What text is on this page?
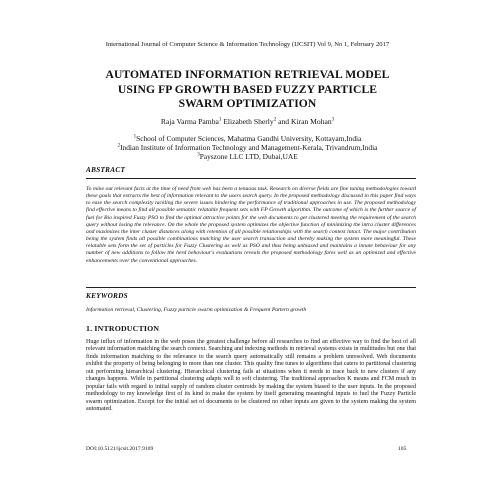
International Journal of Computer Science & Information Technology (IJCSIT) Vol 9, No 1, February 2017
AUTOMATED INFORMATION RETRIEVAL MODEL
USING FP GROWTH BASED FUZZY PARTICLE
SWARM OPTIMIZATION
Raja Varma Pamba$^1$ Elizabeth Sherly$^2$ and Kiran Mohan$^3$
$^1$School of Computer Sciences, Mahatma Gandhi University, Kottayam,India
$^2$Indian Institute of Information Technology and Management-Kerala, Trivandrum,India
$^3$Payszone LLC LTD, Dubai,UAE
ABSTRACT
To mine out relevant facts at the time of need from web has been a tenuous task. Research on diverse fields are fine tuning methodologies toward these goals that extracts the best of information relevant to the users search query. In the proposed methodology discussed in this paper find ways to ease the search complexity tackling the severe issues hindering the performance of traditional approaches in use. The proposed methodology find effective means to find all possible semantic relatable frequent sets with FP Growth algorithm. The outcome of which is the further source of fuel for Bio inspired Fuzzy PSO to find the optimal attractive points for the web documents to get clustered meeting the requirement of the search query without losing the relevance. On the whole the proposed system optimizes the objective function of minimizing the intra cluster differences and maximizes the inter cluster distances along with retention of all possible relationships with the search context intact. The major contribution being the system finds all possible combinations matching the user search transaction and thereby making the system more meaningful. These relatable sets form the set of particles for Fuzzy Clustering as well as PSO and thus being unbiased and maintains a innate behaviour for any number of new additions to follow the herd behaviour's evaluations reveals the proposed methodology fares well as an optimized and effective enhancements over the conventional approaches.
KEYWORDS
Information retrieval, Clustering, Fuzzy particle swarm optimization & Frequent Pattern growth
1. INTRODUCTION
Huge influx of information in the web poses the greatest challenge before all researches to find an effective way to find the best of all relevant information matching the search context. Searching and indexing methods in retrieval systems exists in multitudes but one that finds information matching to the relevance to the search query automatically still remains a problem unresolved. Web documents exhibit the property of being belonging to more than one cluster. This quality fine tunes to algorithms that caters to partitional clustering out performing hierarchical clustering. Hierarchical clustering fails at situations when it needs to trace back to new clusters if any changes happens. While in partitional clustering adapts well to soft clustering. The traditional approaches K means and FCM much in popular fails with regard to initial supply of random cluster centroids by making the system biased to the user inputs. In the proposed methodology to my knowledge first of its kind to make the system by itself generating meaningful inputs to fuel the Fuzzy Particle swarm optimization. Except for the initial set of documents to be clustered no other inputs are given to the system making the system automated.
DOI:10.5121/ijcsit.2017.9109	105
